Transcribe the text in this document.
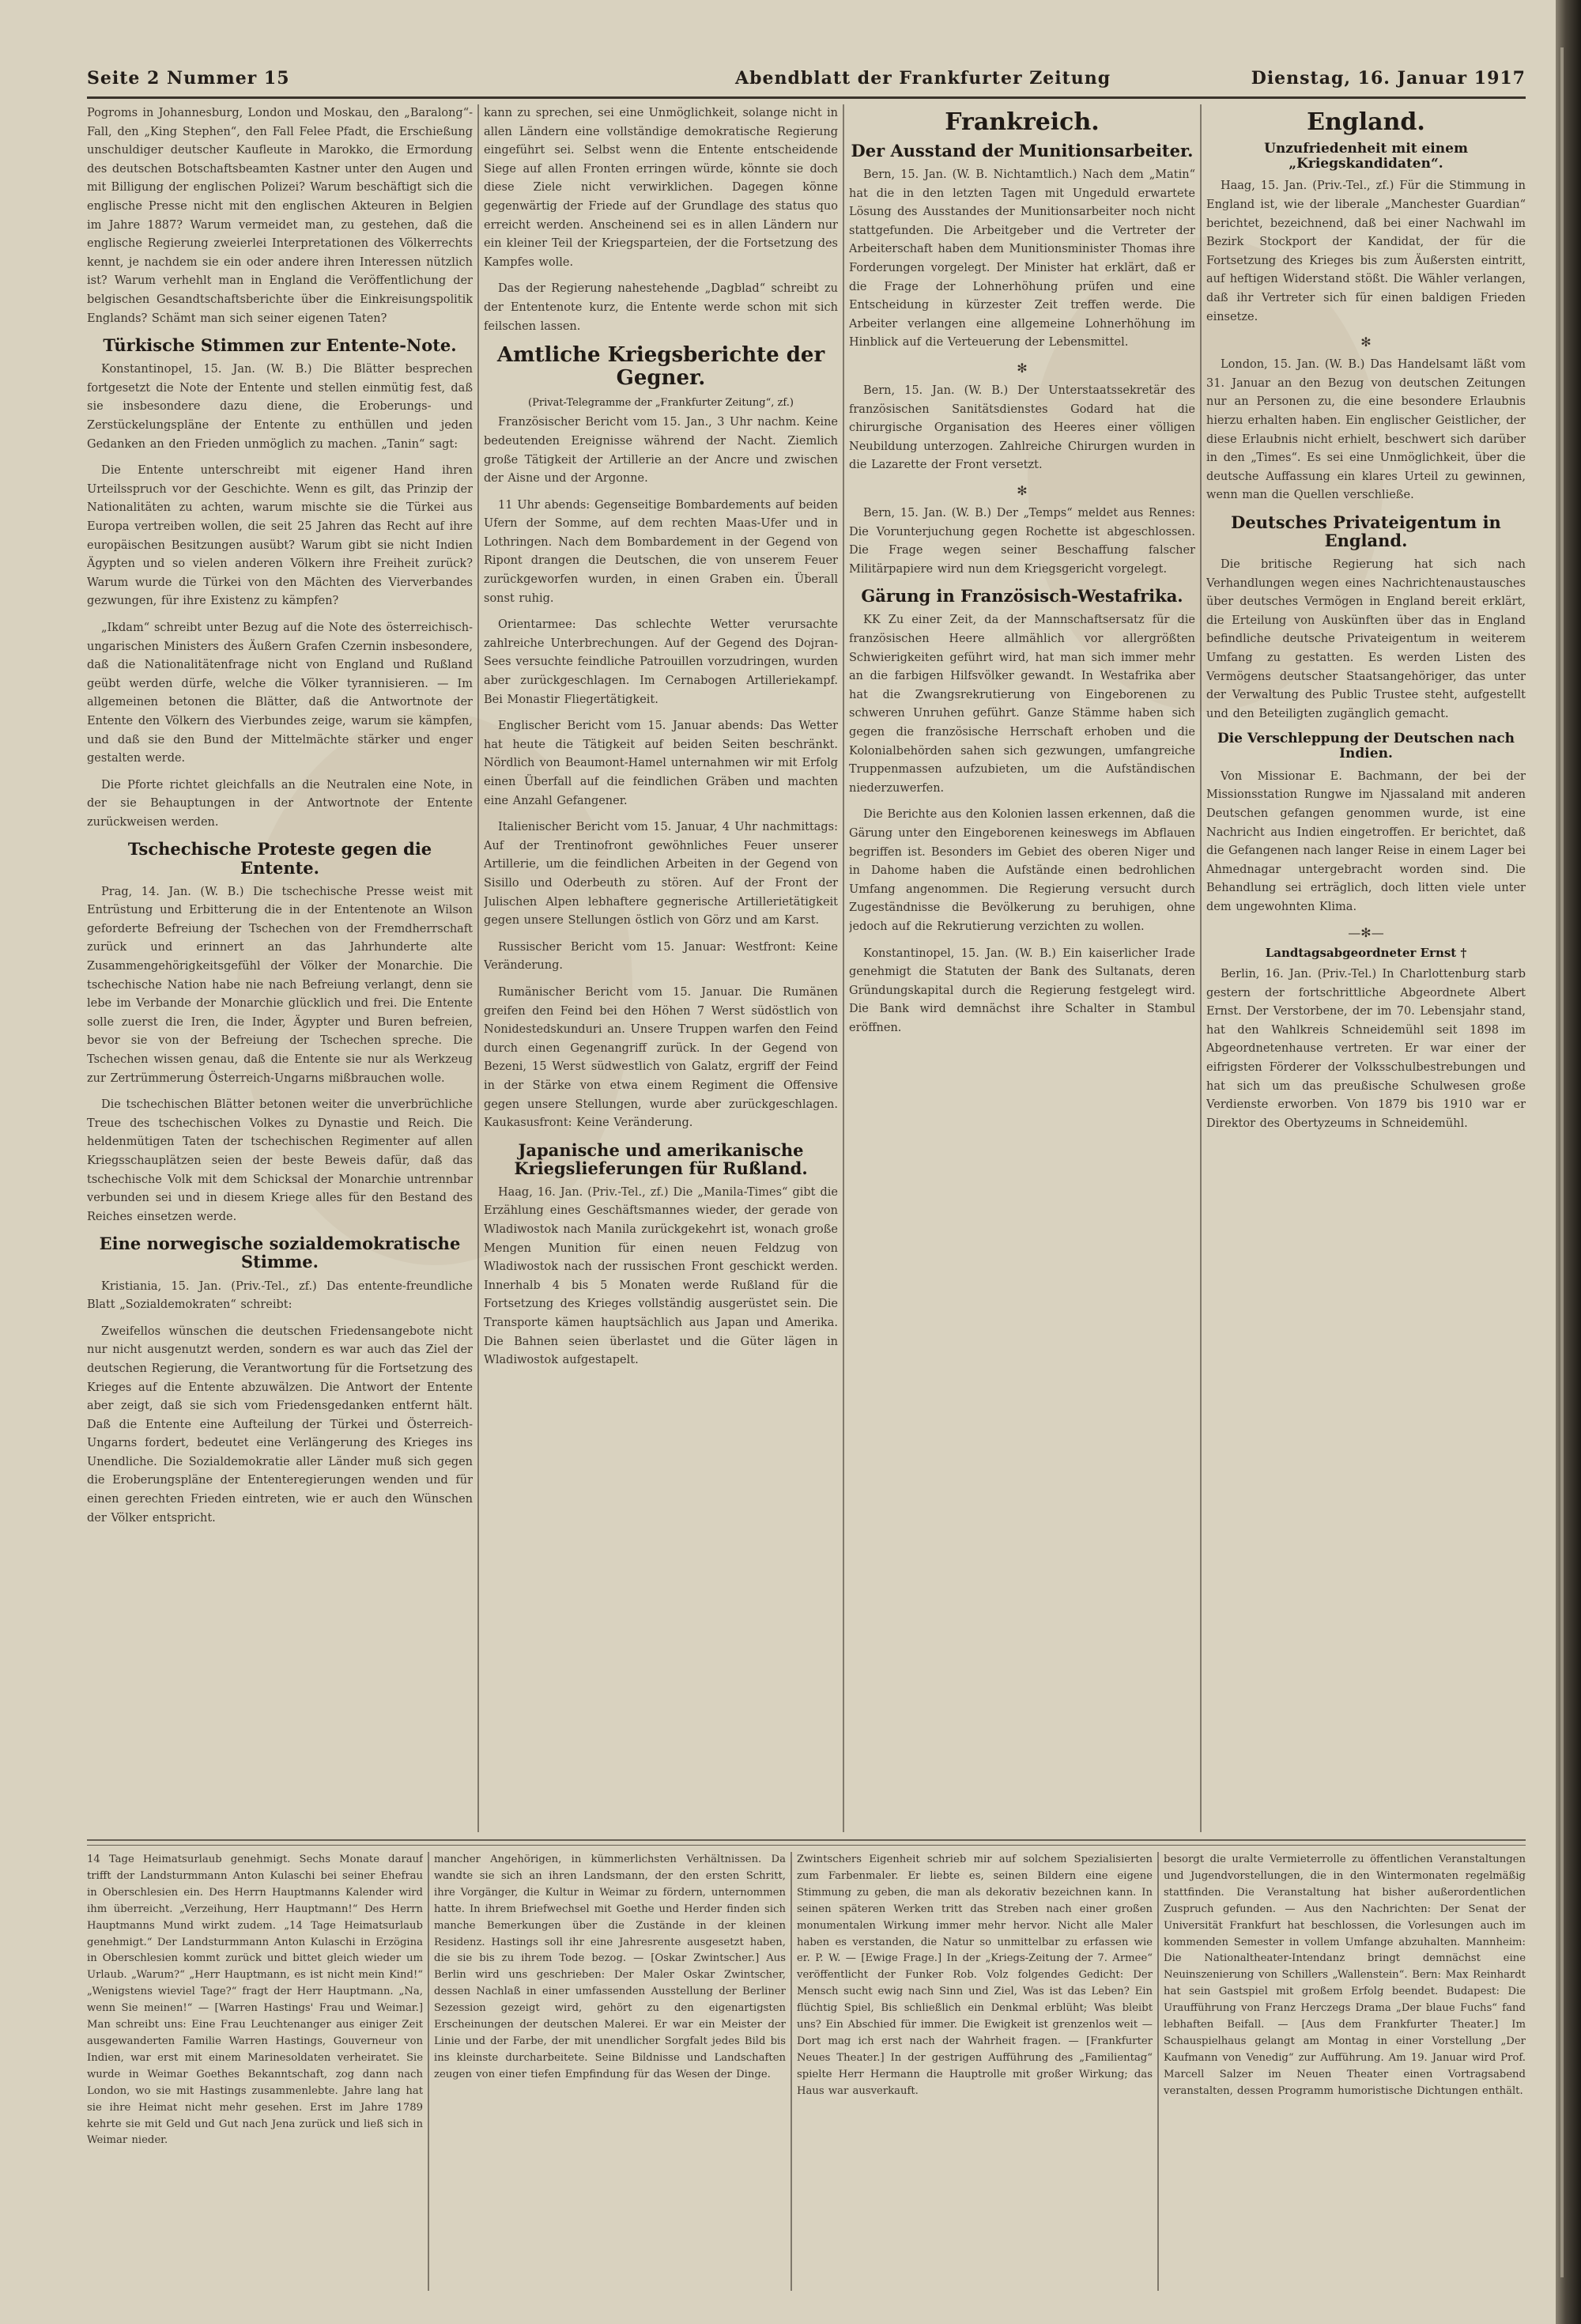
Seite 2 Nummer 15	Abendblatt der Frankfurter Zeitung	Dienstag, 16. Januar 1917

Pogroms in Johannesburg, London und Moskau, den „Baralong“-Fall, den „King Stephen“, den Fall Felee Pfadt, die Erschießung unschuldiger deutscher Kaufleute in Marokko, die Ermordung des deutschen Botschaftsbeamten Kastner unter den Augen und mit Billigung der englischen Polizei? Warum beschäftigt sich die englische Presse nicht mit den englischen Akteuren in Belgien im Jahre 1887? Warum vermeidet man, zu gestehen, daß die englische Regierung zweierlei Interpretationen des Völkerrechts kennt, je nachdem sie ein oder andere ihren Interessen nützlich ist? Warum verhehlt man in England die Veröffentlichung der belgischen Gesandtschaftsberichte über die Einkreisungspolitik Englands? Schämt man sich seiner eigenen Taten?

Türkische Stimmen zur Entente-Note.

Konstantinopel, 15. Jan. (W. B.) Die Blätter besprechen fortgesetzt die Note der Entente und stellen einmütig fest, daß sie insbesondere dazu diene, die Eroberungs- und Zerstückelungspläne der Entente zu enthüllen und jeden Gedanken an den Frieden unmöglich zu machen. „Tanin“ sagt:

Die Entente unterschreibt mit eigener Hand ihren Urteilsspruch vor der Geschichte. Wenn es gilt, das Prinzip der Nationalitäten zu achten, warum mischte sie die Türkei aus Europa vertreiben wollen, die seit 25 Jahren das Recht auf ihre europäischen Besitzungen ausübt? Warum gibt sie nicht Indien Ägypten und so vielen anderen Völkern ihre Freiheit zurück? Warum wurde die Türkei von den Mächten des Vierverbandes gezwungen, für ihre Existenz zu kämpfen?

„Ikdam“ schreibt unter Bezug auf die Note des österreichisch-ungarischen Ministers des Äußern Grafen Czernin insbesondere, daß die Nationalitätenfrage nicht von England und Rußland geübt werden dürfe, welche die Völker tyrannisieren. — Im allgemeinen betonen die Blätter, daß die Antwortnote der Entente den Völkern des Vierbundes zeige, warum sie kämpfen, und daß sie den Bund der Mittelmächte stärker und enger gestalten werde.

Die Pforte richtet gleichfalls an die Neutralen eine Note, in der sie Behauptungen in der Antwortnote der Entente zurückweisen werden.

Tschechische Proteste gegen die Entente.

Prag, 14. Jan. (W. B.) Die tschechische Presse weist mit Entrüstung und Erbitterung die in der Ententenote an Wilson geforderte Befreiung der Tschechen von der Fremdherrschaft zurück und erinnert an das Jahrhunderte alte Zusammengehörigkeitsgefühl der Völker der Monarchie. Die tschechische Nation habe nie nach Befreiung verlangt, denn sie lebe im Verbande der Monarchie glücklich und frei. Die Entente solle zuerst die Iren, die Inder, Ägypter und Buren befreien, bevor sie von der Befreiung der Tschechen spreche. Die Tschechen wissen genau, daß die Entente sie nur als Werkzeug zur Zertrümmerung Österreich-Ungarns mißbrauchen wolle.

Die tschechischen Blätter betonen weiter die unverbrüchliche Treue des tschechischen Volkes zu Dynastie und Reich. Die heldenmütigen Taten der tschechischen Regimenter auf allen Kriegsschauplätzen seien der beste Beweis dafür, daß das tschechische Volk mit dem Schicksal der Monarchie untrennbar verbunden sei und in diesem Kriege alles für den Bestand des Reiches einsetzen werde.

Eine norwegische sozialdemokratische Stimme.

Kristiania, 15. Jan. (Priv.-Tel., zf.) Das entente-freundliche Blatt „Sozialdemokraten“ schreibt:

Zweifellos wünschen die deutschen Friedensangebote nicht nur nicht ausgenutzt werden, sondern es war auch das Ziel der deutschen Regierung, die Verantwortung für die Fortsetzung des Krieges auf die Entente abzuwälzen. Die Antwort der Entente aber zeigt, daß sie sich vom Friedensgedanken entfernt hält. Daß die Entente eine Aufteilung der Türkei und Österreich-Ungarns fordert, bedeutet eine Verlängerung des Krieges ins Unendliche. Die Sozialdemokratie aller Länder muß sich gegen die Eroberungspläne der Ententeregierungen wenden und für einen gerechten Frieden eintreten, wie er auch den Wünschen der Völker entspricht.

kann zu sprechen, sei eine Unmöglichkeit, solange nicht in allen Ländern eine vollständige demokratische Regierung eingeführt sei. Selbst wenn die Entente entscheidende Siege auf allen Fronten erringen würde, könnte sie doch diese Ziele nicht verwirklichen. Dagegen könne gegenwärtig der Friede auf der Grundlage des status quo erreicht werden. Anscheinend sei es in allen Ländern nur ein kleiner Teil der Kriegsparteien, der die Fortsetzung des Kampfes wolle.

Das der Regierung nahestehende „Dagblad“ schreibt zu der Ententenote kurz, die Entente werde schon mit sich feilschen lassen.

Amtliche Kriegsberichte der Gegner.
(Privat-Telegramme der „Frankfurter Zeitung“, zf.)

Französischer Bericht vom 15. Jan., 3 Uhr nachm. Keine bedeutenden Ereignisse während der Nacht. Ziemlich große Tätigkeit der Artillerie an der Ancre und zwischen der Aisne und der Argonne.

11 Uhr abends: Gegenseitige Bombardements auf beiden Ufern der Somme, auf dem rechten Maas-Ufer und in Lothringen. Nach dem Bombardement in der Gegend von Ripont drangen die Deutschen, die von unserem Feuer zurückgeworfen wurden, in einen Graben ein. Überall sonst ruhig.

Orientarmee: Das schlechte Wetter verursachte zahlreiche Unterbrechungen. Auf der Gegend des Dojran-Sees versuchte feindliche Patrouillen vorzudringen, wurden aber zurückgeschlagen. Im Cernabogen Artilleriekampf. Bei Monastir Fliegertätigkeit.

Englischer Bericht vom 15. Januar abends: Das Wetter hat heute die Tätigkeit auf beiden Seiten beschränkt. Nördlich von Beaumont-Hamel unternahmen wir mit Erfolg einen Überfall auf die feindlichen Gräben und machten eine Anzahl Gefangener.

Italienischer Bericht vom 15. Januar, 4 Uhr nachmittags: Auf der Trentinofront gewöhnliches Feuer unserer Artillerie, um die feindlichen Arbeiten in der Gegend von Sisillo und Oderbeuth zu stören. Auf der Front der Julischen Alpen lebhaftere gegnerische Artillerietätigkeit gegen unsere Stellungen östlich von Görz und am Karst.

Russischer Bericht vom 15. Januar: Westfront: Keine Veränderung.

Rumänischer Bericht vom 15. Januar. Die Rumänen greifen den Feind bei den Höhen 7 Werst südöstlich von Nonidestedskunduri an. Unsere Truppen warfen den Feind durch einen Gegenangriff zurück. In der Gegend von Bezeni, 15 Werst südwestlich von Galatz, ergriff der Feind in der Stärke von etwa einem Regiment die Offensive gegen unsere Stellungen, wurde aber zurückgeschlagen. Kaukasusfront: Keine Veränderung.

Japanische und amerikanische Kriegslieferungen für Rußland.

Haag, 16. Jan. (Priv.-Tel., zf.) Die „Manila-Times“ gibt die Erzählung eines Geschäftsmannes wieder, der gerade von Wladiwostok nach Manila zurückgekehrt ist, wonach große Mengen Munition für einen neuen Feldzug von Wladiwostok nach der russischen Front geschickt werden. Innerhalb 4 bis 5 Monaten werde Rußland für die Fortsetzung des Krieges vollständig ausgerüstet sein. Die Transporte kämen hauptsächlich aus Japan und Amerika. Die Bahnen seien überlastet und die Güter lägen in Wladiwostok aufgestapelt.

Frankreich.
Der Ausstand der Munitionsarbeiter.

Bern, 15. Jan. (W. B. Nichtamtlich.) Nach dem „Matin“ hat die in den letzten Tagen mit Ungeduld erwartete Lösung des Ausstandes der Munitionsarbeiter noch nicht stattgefunden. Die Arbeitgeber und die Vertreter der Arbeiterschaft haben dem Munitionsminister Thomas ihre Forderungen vorgelegt. Der Minister hat erklärt, daß er die Frage der Lohnerhöhung prüfen und eine Entscheidung in kürzester Zeit treffen werde. Die Arbeiter verlangen eine allgemeine Lohnerhöhung im Hinblick auf die Verteuerung der Lebensmittel.

✻

Bern, 15. Jan. (W. B.) Der Unterstaatssekretär des französischen Sanitätsdienstes Godard hat die chirurgische Organisation des Heeres einer völligen Neubildung unterzogen. Zahlreiche Chirurgen wurden in die Lazarette der Front versetzt.

✻

Bern, 15. Jan. (W. B.) Der „Temps“ meldet aus Rennes: Die Vorunterjuchung gegen Rochette ist abgeschlossen. Die Frage wegen seiner Beschaffung falscher Militärpapiere wird nun dem Kriegsgericht vorgelegt.

Gärung in Französisch-Westafrika.

KK Zu einer Zeit, da der Mannschaftsersatz für die französischen Heere allmählich vor allergrößten Schwierigkeiten geführt wird, hat man sich immer mehr an die farbigen Hilfsvölker gewandt. In Westafrika aber hat die Zwangsrekrutierung von Eingeborenen zu schweren Unruhen geführt. Ganze Stämme haben sich gegen die französische Herrschaft erhoben und die Kolonialbehörden sahen sich gezwungen, umfangreiche Truppenmassen aufzubieten, um die Aufständischen niederzuwerfen.

Die Berichte aus den Kolonien lassen erkennen, daß die Gärung unter den Eingeborenen keineswegs im Abflauen begriffen ist. Besonders im Gebiet des oberen Niger und in Dahome haben die Aufstände einen bedrohlichen Umfang angenommen. Die Regierung versucht durch Zugeständnisse die Bevölkerung zu beruhigen, ohne jedoch auf die Rekrutierung verzichten zu wollen.

Konstantinopel, 15. Jan. (W. B.) Ein kaiserlicher Irade genehmigt die Statuten der Bank des Sultanats, deren Gründungskapital durch die Regierung festgelegt wird. Die Bank wird demnächst ihre Schalter in Stambul eröffnen.

England.
Unzufriedenheit mit einem „Kriegskandidaten“.

Haag, 15. Jan. (Priv.-Tel., zf.) Für die Stimmung in England ist, wie der liberale „Manchester Guardian“ berichtet, bezeichnend, daß bei einer Nachwahl im Bezirk Stockport der Kandidat, der für die Fortsetzung des Krieges bis zum Äußersten eintritt, auf heftigen Widerstand stößt. Die Wähler verlangen, daß ihr Vertreter sich für einen baldigen Frieden einsetze.

✻

London, 15. Jan. (W. B.) Das Handelsamt läßt vom 31. Januar an den Bezug von deutschen Zeitungen nur an Personen zu, die eine besondere Erlaubnis hierzu erhalten haben. Ein englischer Geistlicher, der diese Erlaubnis nicht erhielt, beschwert sich darüber in den „Times“. Es sei eine Unmöglichkeit, über die deutsche Auffassung ein klares Urteil zu gewinnen, wenn man die Quellen verschließe.

Deutsches Privateigentum in England.

Die britische Regierung hat sich nach Verhandlungen wegen eines Nachrichtenaustausches über deutsches Vermögen in England bereit erklärt, die Erteilung von Auskünften über das in England befindliche deutsche Privateigentum in weiterem Umfang zu gestatten. Es werden Listen des Vermögens deutscher Staatsangehöriger, das unter der Verwaltung des Public Trustee steht, aufgestellt und den Beteiligten zugänglich gemacht.

Die Verschleppung der Deutschen nach Indien.

Von Missionar E. Bachmann, der bei der Missionsstation Rungwe im Njassaland mit anderen Deutschen gefangen genommen wurde, ist eine Nachricht aus Indien eingetroffen. Er berichtet, daß die Gefangenen nach langer Reise in einem Lager bei Ahmednagar untergebracht worden sind. Die Behandlung sei erträglich, doch litten viele unter dem ungewohnten Klima.

—✻—
Landtagsabgeordneter Ernst †

Berlin, 16. Jan. (Priv.-Tel.) In Charlottenburg starb gestern der fortschrittliche Abgeordnete Albert Ernst. Der Verstorbene, der im 70. Lebensjahr stand, hat den Wahlkreis Schneidemühl seit 1898 im Abgeordnetenhause vertreten. Er war einer der eifrigsten Förderer der Volksschulbestrebungen und hat sich um das preußische Schulwesen große Verdienste erworben. Von 1879 bis 1910 war er Direktor des Obertyzeums in Schneidemühl.

14 Tage Heimatsurlaub genehmigt. Sechs Monate darauf trifft der Landsturmmann Anton Kulaschi bei seiner Ehefrau in Oberschlesien ein. Des Herrn Hauptmanns Kalender wird ihm überreicht. „Verzeihung, Herr Hauptmann!“ Des Herrn Hauptmanns Mund wirkt zudem. „14 Tage Heimatsurlaub genehmigt.“ Der Landsturmmann Anton Kulaschi in Erzögina in Oberschlesien kommt zurück und bittet gleich wieder um Urlaub. „Warum?“ „Herr Hauptmann, es ist nicht mein Kind!“ „Wenigstens wieviel Tage?“ fragt der Herr Hauptmann. „Na, wenn Sie meinen!“ — [Warren Hastings' Frau und Weimar.] Man schreibt uns: Eine Frau Leuchtenanger aus einiger Zeit ausgewanderten Familie Warren Hastings, Gouverneur von Indien, war erst mit einem Marinesoldaten verheiratet. Sie wurde in Weimar Goethes Bekanntschaft, zog dann nach London, wo sie mit Hastings zusammenlebte. Jahre lang hat sie ihre Heimat nicht mehr gesehen. Erst im Jahre 1789 kehrte sie mit Geld und Gut nach Jena zurück und ließ sich in Weimar nieder.

mancher Angehörigen, in kümmerlichsten Verhältnissen. Da wandte sie sich an ihren Landsmann, der den ersten Schritt, ihre Vorgänger, die Kultur in Weimar zu fördern, unternommen hatte. In ihrem Briefwechsel mit Goethe und Herder finden sich manche Bemerkungen über die Zustände in der kleinen Residenz. Hastings soll ihr eine Jahresrente ausgesetzt haben, die sie bis zu ihrem Tode bezog. — [Oskar Zwintscher.] Aus Berlin wird uns geschrieben: Der Maler Oskar Zwintscher, dessen Nachlaß in einer umfassenden Ausstellung der Berliner Sezession gezeigt wird, gehört zu den eigenartigsten Erscheinungen der deutschen Malerei. Er war ein Meister der Linie und der Farbe, der mit unendlicher Sorgfalt jedes Bild bis ins kleinste durcharbeitete. Seine Bildnisse und Landschaften zeugen von einer tiefen Empfindung für das Wesen der Dinge.

Zwintschers Eigenheit schrieb mir auf solchem Spezialisierten zum Farbenmaler. Er liebte es, seinen Bildern eine eigene Stimmung zu geben, die man als dekorativ bezeichnen kann. In seinen späteren Werken tritt das Streben nach einer großen monumentalen Wirkung immer mehr hervor. Nicht alle Maler haben es verstanden, die Natur so unmittelbar zu erfassen wie er. P. W. — [Ewige Frage.] In der „Kriegs-Zeitung der 7. Armee“ veröffentlicht der Funker Rob. Volz folgendes Gedicht: Der Mensch sucht ewig nach Sinn und Ziel, Was ist das Leben? Ein flüchtig Spiel, Bis schließlich ein Denkmal erblüht; Was bleibt uns? Ein Abschied für immer. Die Ewigkeit ist grenzenlos weit — Dort mag ich erst nach der Wahrheit fragen. — [Frankfurter Neues Theater.] In der gestrigen Aufführung des „Familientag“ spielte Herr Hermann die Hauptrolle mit großer Wirkung; das Haus war ausverkauft.

besorgt die uralte Vermieterrolle zu öffentlichen Veranstaltungen und Jugendvorstellungen, die in den Wintermonaten regelmäßig stattfinden. Die Veranstaltung hat bisher außerordentlichen Zuspruch gefunden. — Aus den Nachrichten: Der Senat der Universität Frankfurt hat beschlossen, die Vorlesungen auch im kommenden Semester in vollem Umfange abzuhalten. Mannheim: Die Nationaltheater-Intendanz bringt demnächst eine Neuinszenierung von Schillers „Wallenstein“. Bern: Max Reinhardt hat sein Gastspiel mit großem Erfolg beendet. Budapest: Die Uraufführung von Franz Herczegs Drama „Der blaue Fuchs“ fand lebhaften Beifall. — [Aus dem Frankfurter Theater.] Im Schauspielhaus gelangt am Montag in einer Vorstellung „Der Kaufmann von Venedig“ zur Aufführung. Am 19. Januar wird Prof. Marcell Salzer im Neuen Theater einen Vortragsabend veranstalten, dessen Programm humoristische Dichtungen enthält.
